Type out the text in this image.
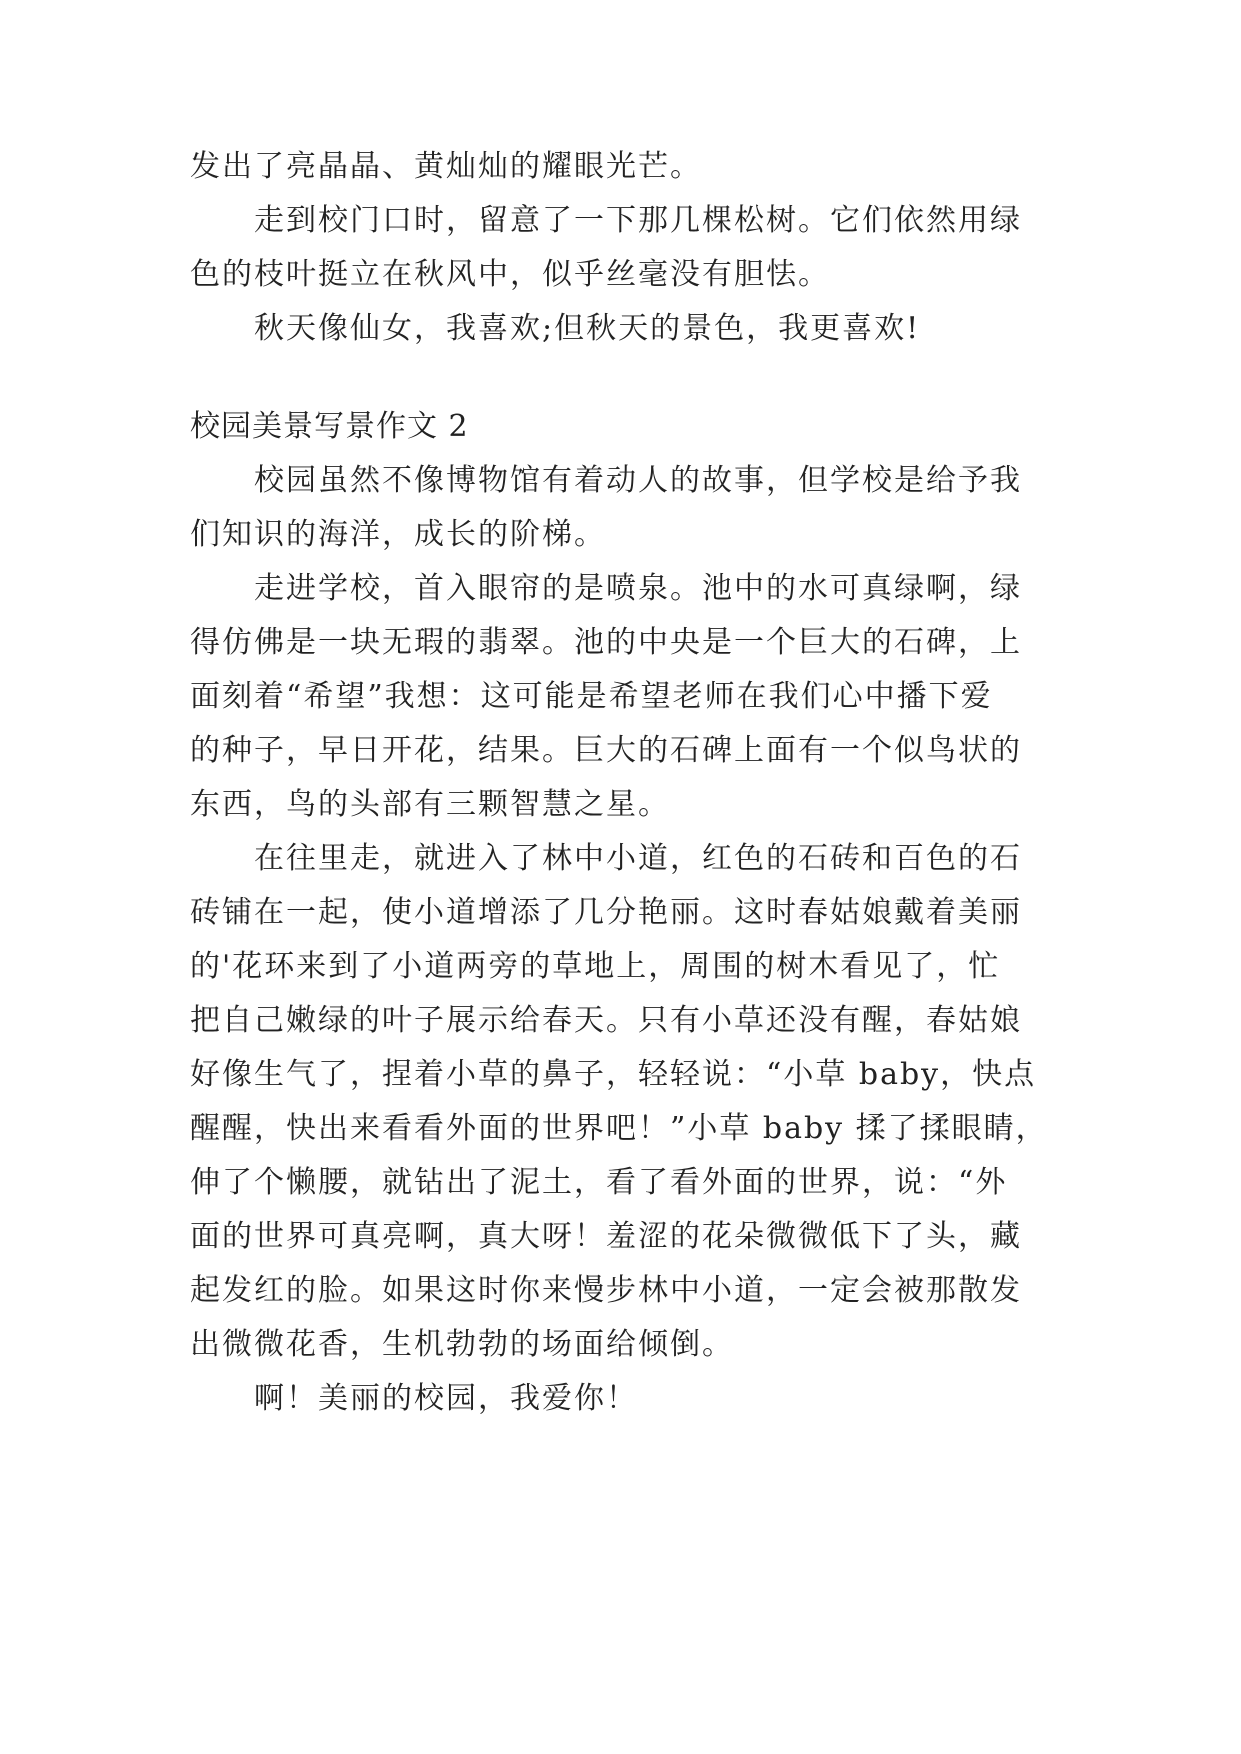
发出了亮晶晶、黄灿灿的耀眼光芒。

走到校门口时，留意了一下那几棵松树。它们依然用绿

色的枝叶挺立在秋风中，似乎丝毫没有胆怯。

秋天像仙女，我喜欢;但秋天的景色，我更喜欢!

校园美景写景作文 2

校园虽然不像博物馆有着动人的故事，但学校是给予我

们知识的海洋，成长的阶梯。

走进学校，首入眼帘的是喷泉。池中的水可真绿啊，绿

得仿佛是一块无瑕的翡翠。池的中央是一个巨大的石碑，上

面刻着“希望”我想：这可能是希望老师在我们心中播下爱

的种子，早日开花，结果。巨大的石碑上面有一个似鸟状的

东西，鸟的头部有三颗智慧之星。

在往里走，就进入了林中小道，红色的石砖和百色的石

砖铺在一起，使小道增添了几分艳丽。这时春姑娘戴着美丽

的'花环来到了小道两旁的草地上，周围的树木看见了，忙

把自己嫩绿的叶子展示给春天。只有小草还没有醒，春姑娘

好像生气了，捏着小草的鼻子，轻轻说：“小草 baby，快点

醒醒，快出来看看外面的世界吧！”小草 baby 揉了揉眼睛，

伸了个懒腰，就钻出了泥土，看了看外面的世界，说：“外

面的世界可真亮啊，真大呀！羞涩的花朵微微低下了头，藏

起发红的脸。如果这时你来慢步林中小道，一定会被那散发

出微微花香，生机勃勃的场面给倾倒。

啊！美丽的校园，我爱你！
